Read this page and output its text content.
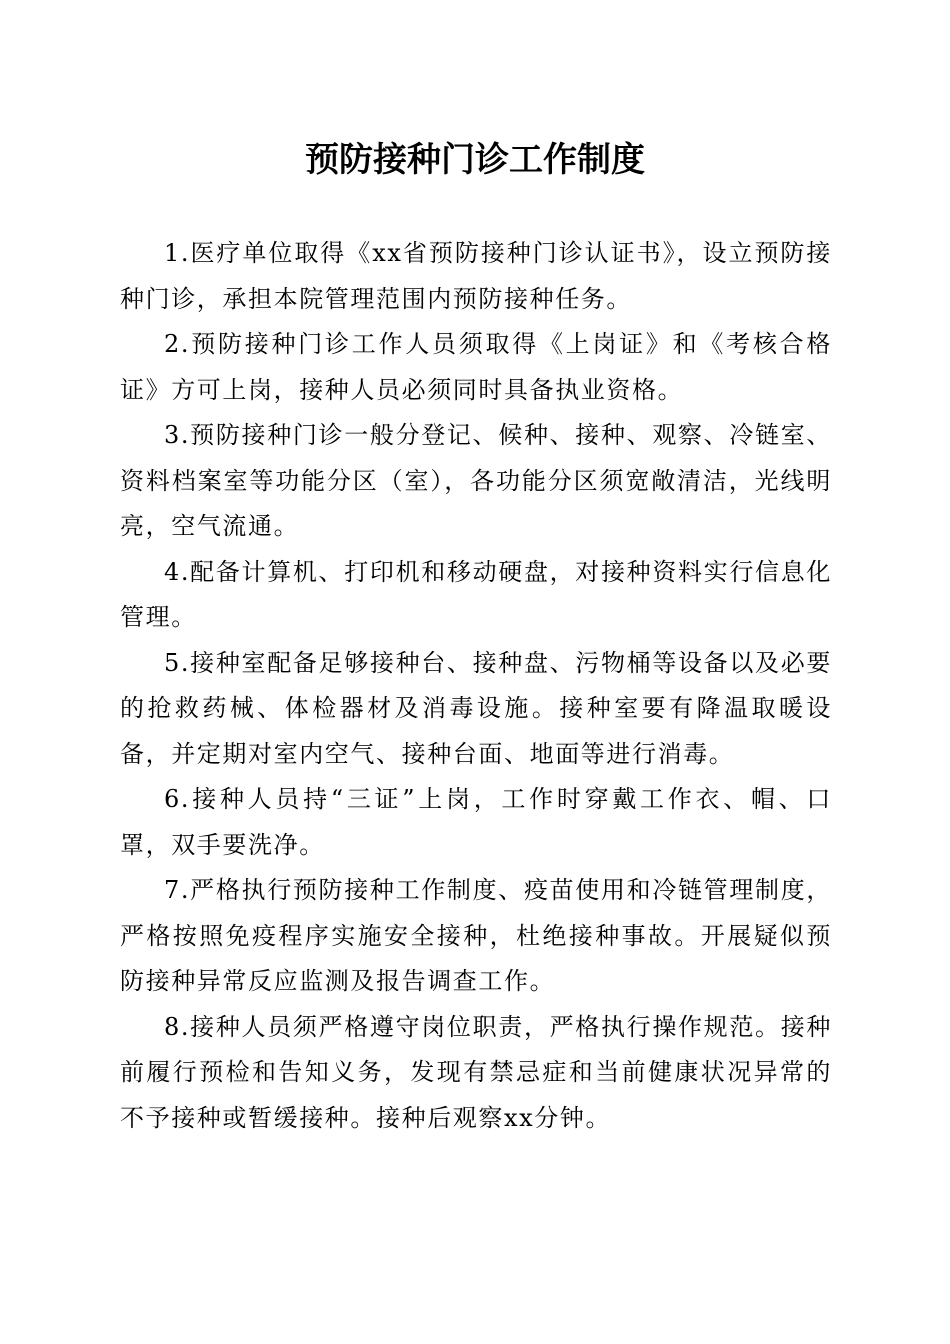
预防接种门诊工作制度

1.医疗单位取得《xx省预防接种门诊认证书》，设立预防接种门诊，承担本院管理范围内预防接种任务。

2.预防接种门诊工作人员须取得《上岗证》和《考核合格证》方可上岗，接种人员必须同时具备执业资格。

3.预防接种门诊一般分登记、候种、接种、观察、冷链室、资料档案室等功能分区（室），各功能分区须宽敞清洁，光线明亮，空气流通。

4.配备计算机、打印机和移动硬盘，对接种资料实行信息化管理。

5.接种室配备足够接种台、接种盘、污物桶等设备以及必要的抢救药械、体检器材及消毒设施。接种室要有降温取暖设备，并定期对室内空气、接种台面、地面等进行消毒。

6.接种人员持“三证”上岗，工作时穿戴工作衣、帽、口罩，双手要洗净。

7.严格执行预防接种工作制度、疫苗使用和冷链管理制度，严格按照免疫程序实施安全接种，杜绝接种事故。开展疑似预防接种异常反应监测及报告调查工作。

8.接种人员须严格遵守岗位职责，严格执行操作规范。接种前履行预检和告知义务，发现有禁忌症和当前健康状况异常的不予接种或暂缓接种。接种后观察xx分钟。
